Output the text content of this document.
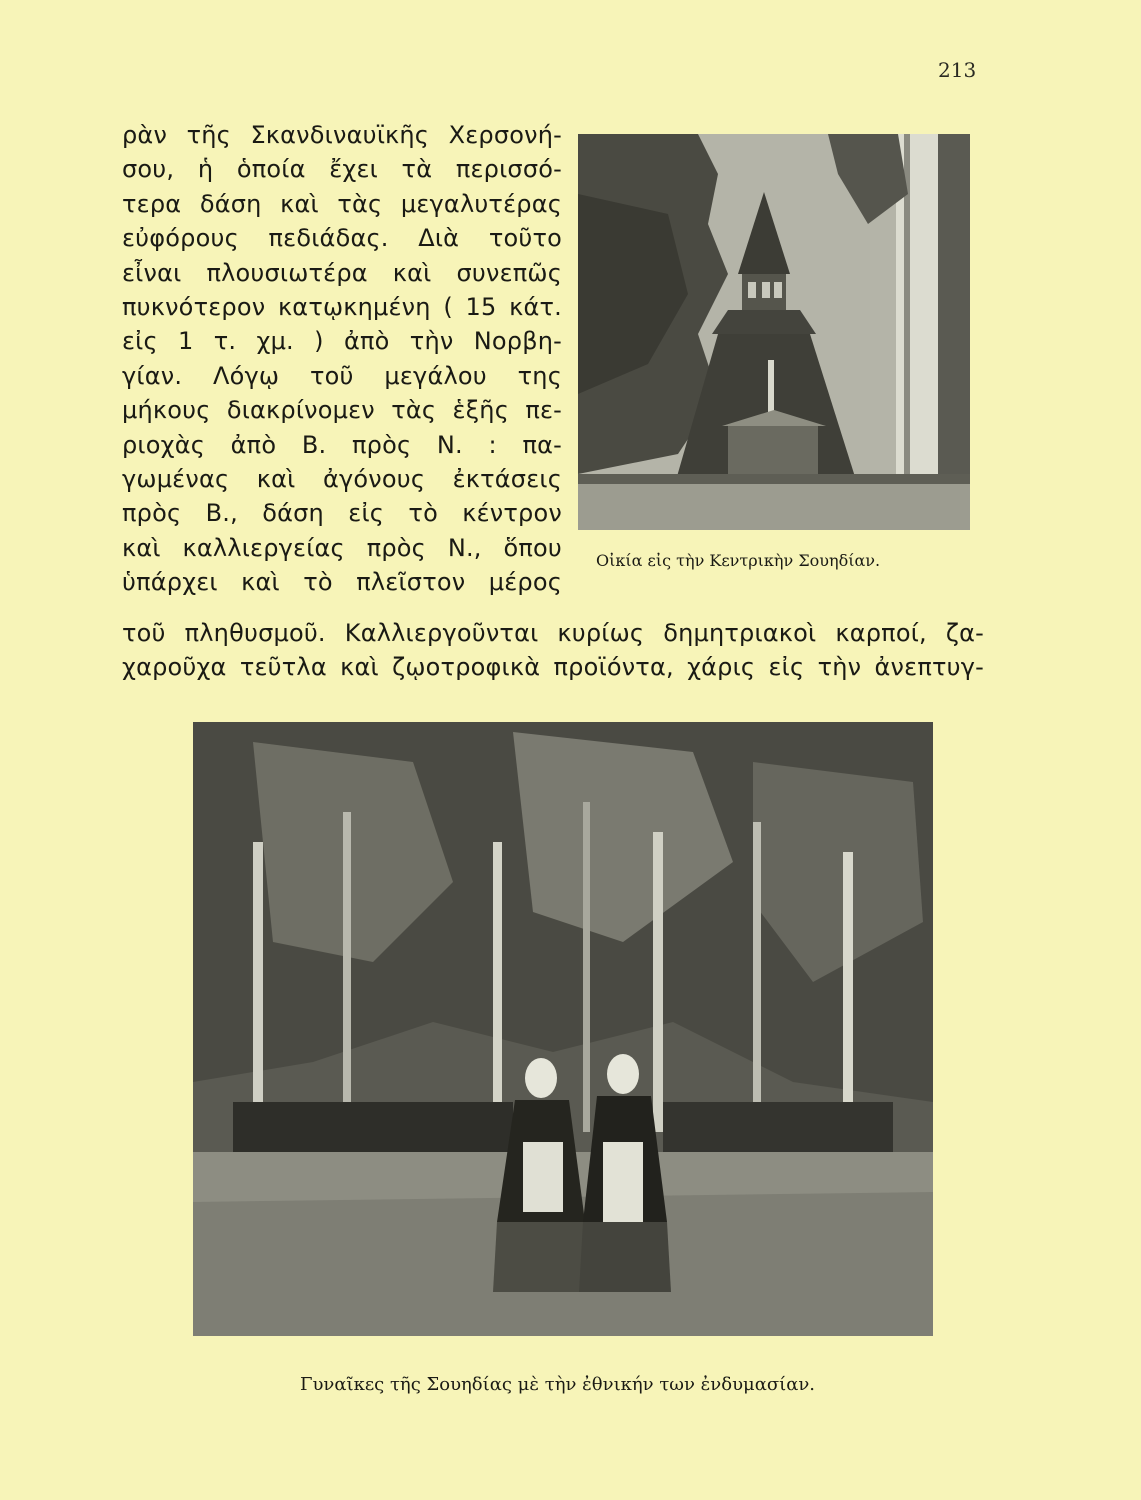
213
ρὰν τῆς Σκανδιναυϊκῆς Χερσονή-
σου, ἡ ὁποία ἔχει τὰ περισσό-
τερα δάση καὶ τὰς μεγαλυτέρας
εὐφόρους πεδιάδας. Διὰ τοῦτο
εἶναι πλουσιωτέρα καὶ συνεπῶς
πυκνότερον κατῳκημένη ( 15 κάτ.
εἰς 1 τ. χμ. ) ἀπὸ τὴν Νορβη-
γίαν. Λόγῳ τοῦ μεγάλου της
μήκους διακρίνομεν τὰς ἑξῆς πε-
ριοχὰς ἀπὸ Β. πρὸς Ν. : πα-
γωμένας καὶ ἀγόνους ἐκτάσεις
πρὸς Β., δάση εἰς τὸ κέντρον
καὶ καλλιεργείας πρὸς Ν., ὅπου
ὑπάρχει καὶ τὸ πλεῖστον μέρος
τοῦ πληθυσμοῦ. Καλλιεργοῦνται κυρίως δημητριακοὶ καρποί, ζα-
χαροῦχα τεῦτλα καὶ ζῳοτροφικὰ προϊόντα, χάρις εἰς τὴν ἀνεπτυγ-
Οἰκία εἰς τὴν Κεντρικὴν Σουηδίαν.
Γυναῖκες τῆς Σουηδίας μὲ τὴν ἐθνικήν των ἐνδυμασίαν.
